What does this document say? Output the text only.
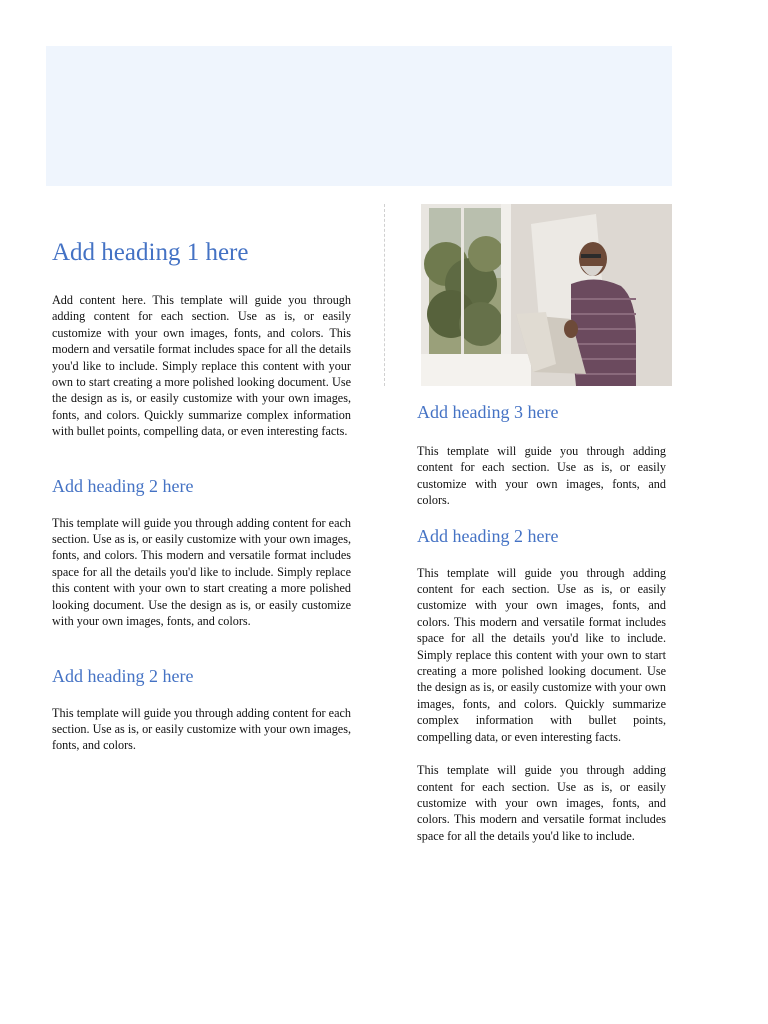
Add heading 1 here

Add content here. This template will guide you through adding content for each section. Use as is, or easily customize with your own images, fonts, and colors. This modern and versatile format includes space for all the details you'd like to include. Simply replace this content with your own to start creating a more polished looking document. Use the design as is, or easily customize with your own images, fonts, and colors. Quickly summarize complex information with bullet points, compelling data, or even interesting facts.

Add heading 2 here

This template will guide you through adding content for each section. Use as is, or easily customize with your own images, fonts, and colors. This modern and versatile format includes space for all the details you'd like to include. Simply replace this content with your own to start creating a more polished looking document. Use the design as is, or easily customize with your own images, fonts, and colors.

Add heading 2 here

This template will guide you through adding content for each section. Use as is, or easily customize with your own images, fonts, and colors.

Add heading 3 here

This template will guide you through adding content for each section. Use as is, or easily customize with your own images, fonts, and colors.

Add heading 2 here

This template will guide you through adding content for each section. Use as is, or easily customize with your own images, fonts, and colors. This modern and versatile format includes space for all the details you'd like to include. Simply replace this content with your own to start creating a more polished looking document. Use the design as is, or easily customize with your own images, fonts, and colors. Quickly summarize complex information with bullet points, compelling data, or even interesting facts.

This template will guide you through adding content for each section. Use as is, or easily customize with your own images, fonts, and colors. This modern and versatile format includes space for all the details you'd like to include.
